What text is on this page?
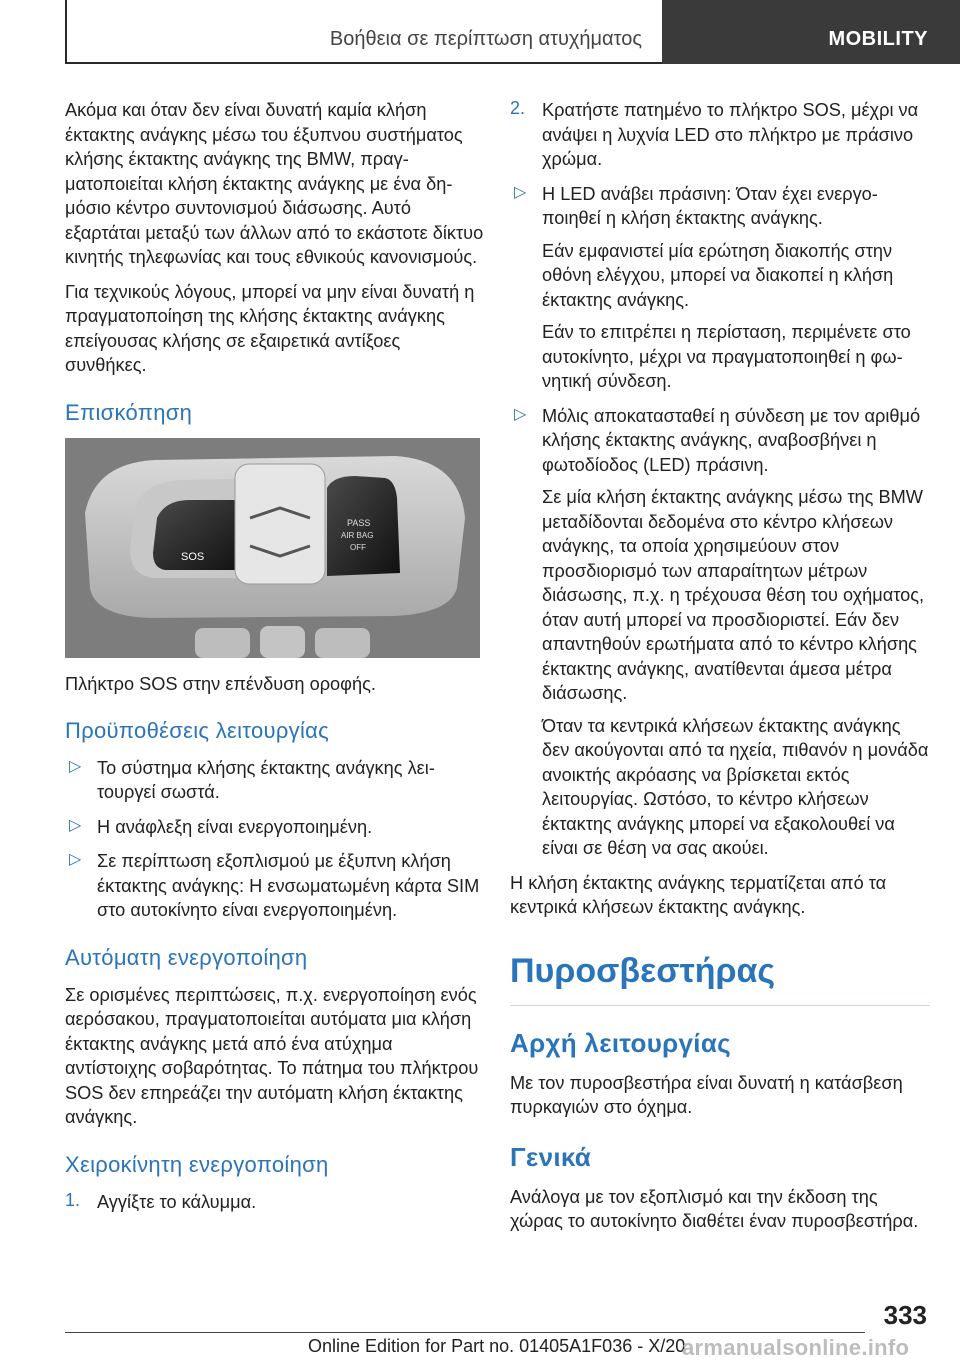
Βοήθεια σε περίπτωση ατυχήματος	MOBILITY

Ακόμα και όταν δεν είναι δυνατή καμία κλήση έκτακτης ανάγκης μέσω του έξυπνου συστήματος κλήσης έκτακτης ανάγκης της BMW, πραγματοποιείται κλήση έκτακτης ανάγκης με ένα δημόσιο κέντρο συντονισμού διάσωσης. Αυτό εξαρτάται μεταξύ των άλλων από το εκάστοτε δίκτυο κινητής τηλεφωνίας και τους εθνικούς κανονισμούς.

Για τεχνικούς λόγους, μπορεί να μην είναι δυνατή η πραγματοποίηση της κλήσης έκτακτης ανάγκης επείγουσας κλήσης σε εξαιρετικά αντίξοες συνθήκες.

Επισκόπηση
SOS
PASS
AIR BAG
OFF

Πλήκτρο SOS στην επένδυση οροφής.

Προϋποθέσεις λειτουργίας
▷ Το σύστημα κλήσης έκτακτης ανάγκης λειτουργεί σωστά.

▷ Η ανάφλεξη είναι ενεργοποιημένη.

▷ Σε περίπτωση εξοπλισμού με έξυπνη κλήση έκτακτης ανάγκης: Η ενσωματωμένη κάρτα SIM στο αυτοκίνητο είναι ενεργοποιημένη.

Αυτόματη ενεργοποίηση

Σε ορισμένες περιπτώσεις, π.χ. ενεργοποίηση ενός αερόσακου, πραγματοποιείται αυτόματα μια κλήση έκτακτης ανάγκης μετά από ένα ατύχημα αντίστοιχης σοβαρότητας. Το πάτημα του πλήκτρου SOS δεν επηρεάζει την αυτόματη κλήση έκτακτης ανάγκης.

Χειροκίνητη ενεργοποίηση
1. Αγγίξτε το κάλυμμα.

2. Κρατήστε πατημένο το πλήκτρο SOS, μέχρι να ανάψει η λυχνία LED στο πλήκτρο με πράσινο χρώμα.

▷ Η LED ανάβει πράσινη: Όταν έχει ενεργοποιηθεί η κλήση έκτακτης ανάγκης.

Εάν εμφανιστεί μία ερώτηση διακοπής στην οθόνη ελέγχου, μπορεί να διακοπεί η κλήση έκτακτης ανάγκης.

Εάν το επιτρέπει η περίσταση, περιμένετε στο αυτοκίνητο, μέχρι να πραγματοποιηθεί η φωνητική σύνδεση.

▷ Μόλις αποκατασταθεί η σύνδεση με τον αριθμό κλήσης έκτακτης ανάγκης, αναβοσβήνει η φωτοδίοδος (LED) πράσινη.

Σε μία κλήση έκτακτης ανάγκης μέσω της BMW μεταδίδονται δεδομένα στο κέντρο κλήσεων ανάγκης, τα οποία χρησιμεύουν στον προσδιορισμό των απαραίτητων μέτρων διάσωσης, π.χ. η τρέχουσα θέση του οχήματος, όταν αυτή μπορεί να προσδιοριστεί. Εάν δεν απαντηθούν ερωτήματα από το κέντρο κλήσης έκτακτης ανάγκης, ανατίθενται άμεσα μέτρα διάσωσης.

Όταν τα κεντρικά κλήσεων έκτακτης ανάγκης δεν ακούγονται από τα ηχεία, πιθανόν η μονάδα ανοικτής ακρόασης να βρίσκεται εκτός λειτουργίας. Ωστόσο, το κέντρο κλήσεων έκτακτης ανάγκης μπορεί να εξακολουθεί να είναι σε θέση να σας ακούει.

Η κλήση έκτακτης ανάγκης τερματίζεται από τα κεντρικά κλήσεων έκτακτης ανάγκης.

Πυροσβεστήρας
Αρχή λειτουργίας

Με τον πυροσβεστήρα είναι δυνατή η κατάσβεση πυρκαγιών στο όχημα.

Γενικά

Ανάλογα με τον εξοπλισμό και την έκδοση της χώρας το αυτοκίνητο διαθέτει έναν πυροσβεστήρα.

333
Online Edition for Part no. 01405A1F036 - X/20
armanualsonline.info
